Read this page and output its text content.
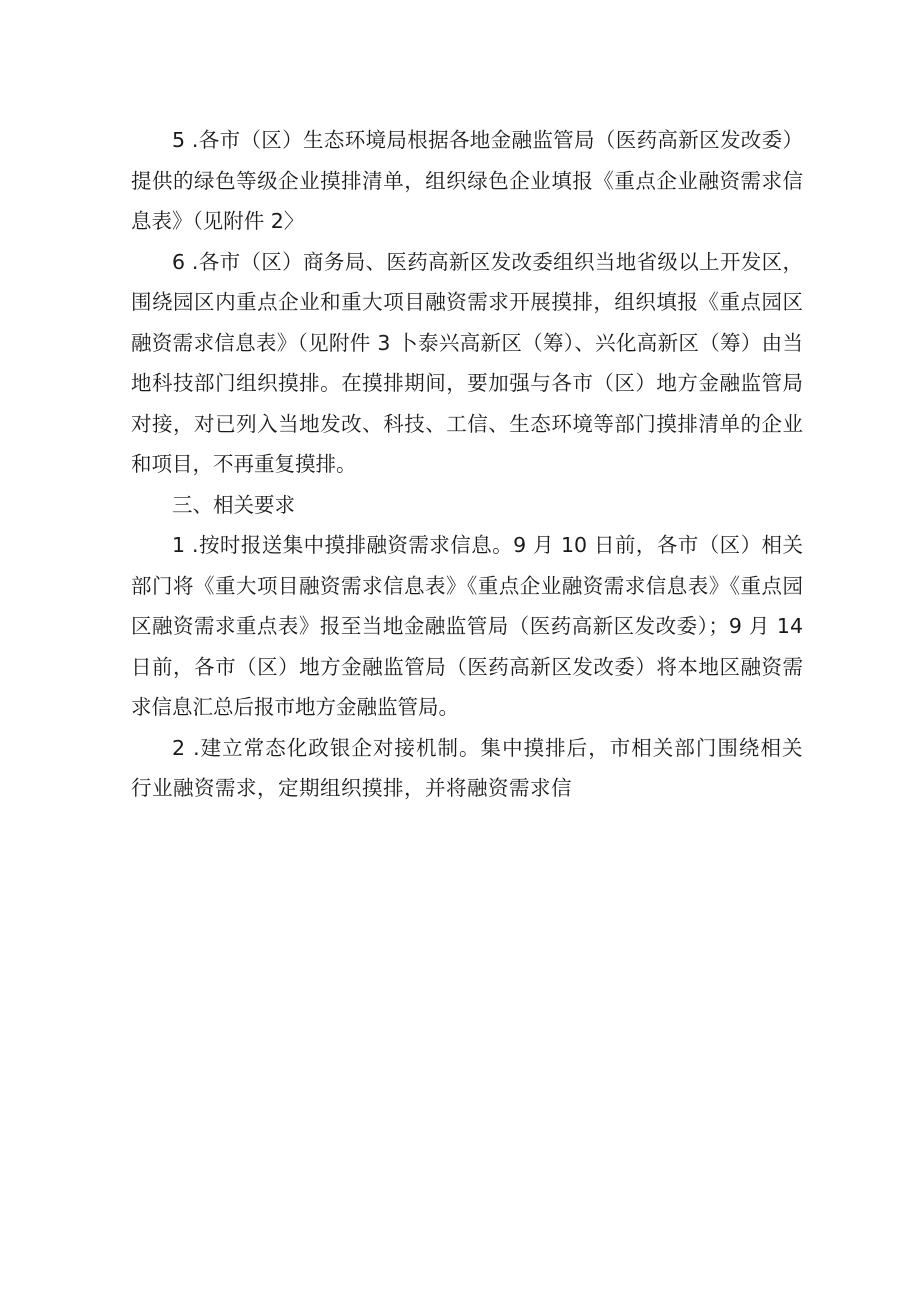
5 .各市（区）生态环境局根据各地金融监管局（医药高新区发改委）提供的绿色等级企业摸排清单，组织绿色企业填报《重点企业融资需求信息表》（见附件 2〉

6 .各市（区）商务局、医药高新区发改委组织当地省级以上开发区，围绕园区内重点企业和重大项目融资需求开展摸排，组织填报《重点园区融资需求信息表》（见附件 3 卜泰兴高新区（筹）、兴化高新区（筹）由当地科技部门组织摸排。在摸排期间，要加强与各市（区）地方金融监管局对接，对已列入当地发改、科技、工信、生态环境等部门摸排清单的企业和项目，不再重复摸排。

三、相关要求

1 .按时报送集中摸排融资需求信息。9 月 10 日前，各市（区）相关部门将《重大项目融资需求信息表》《重点企业融资需求信息表》《重点园区融资需求重点表》报至当地金融监管局（医药高新区发改委）；9 月 14 日前，各市（区）地方金融监管局（医药高新区发改委）将本地区融资需求信息汇总后报市地方金融监管局。

2 .建立常态化政银企对接机制。集中摸排后，市相关部门围绕相关行业融资需求，定期组织摸排，并将融资需求信
